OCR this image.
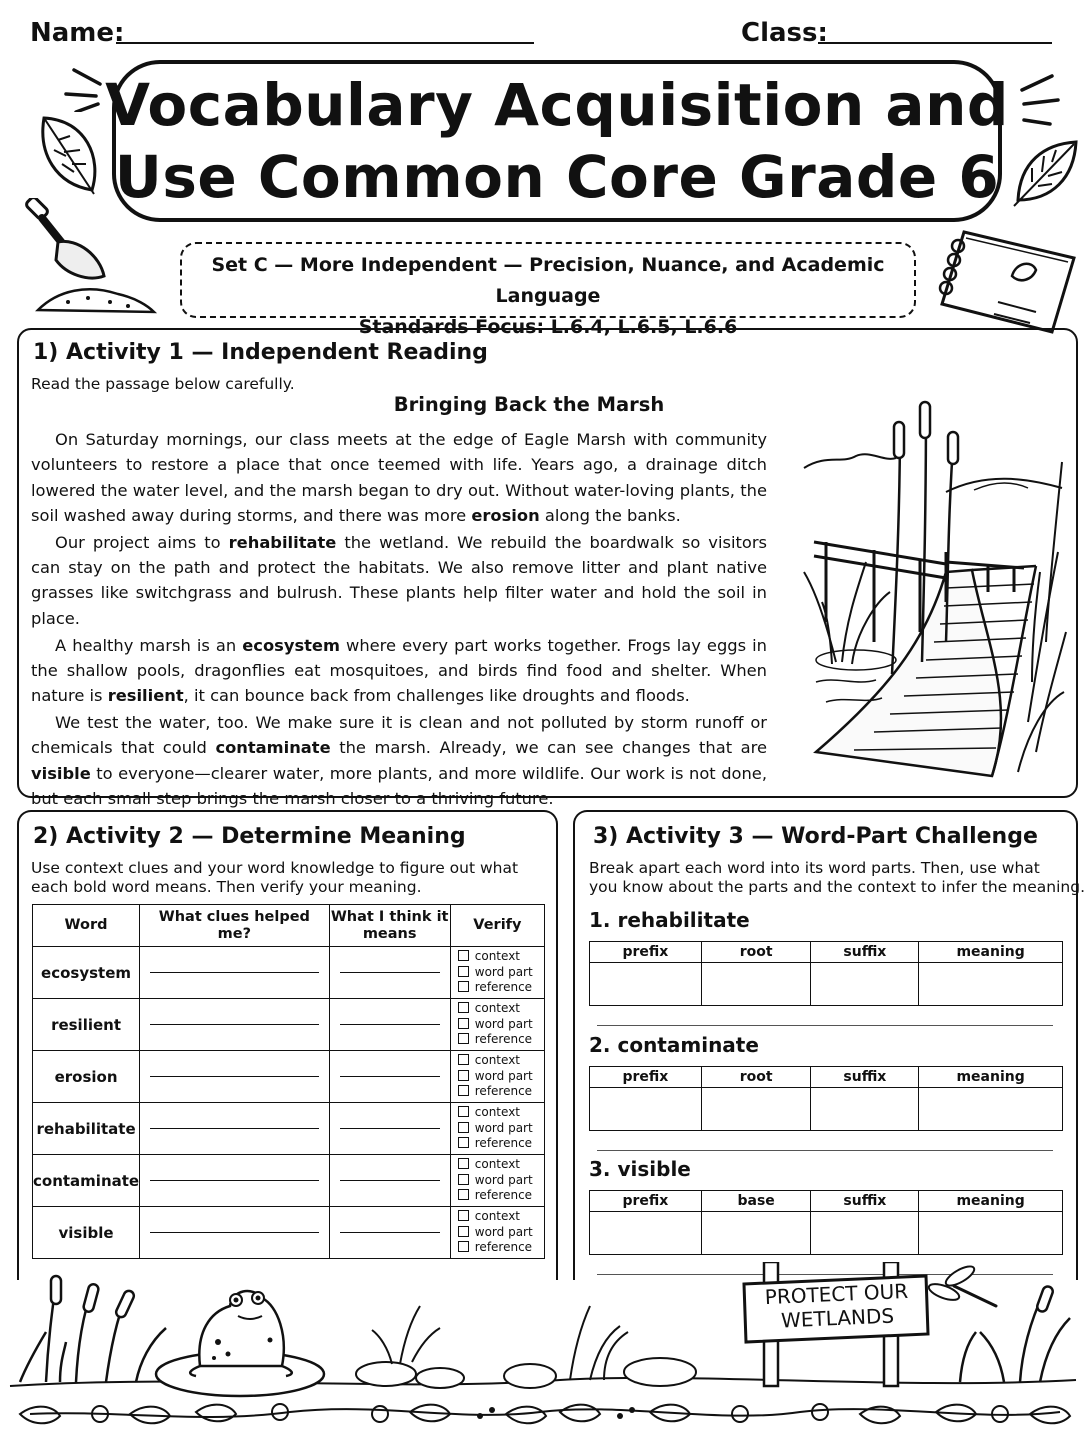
Name:	Class:
Vocabulary Acquisition and
Use Common Core Grade 6
Set C — More Independent — Precision, Nuance, and Academic Language
Standards Focus: L.6.4, L.6.5, L.6.6
1) Activity 1 — Independent Reading
Read the passage below carefully.
Bringing Back the Marsh

On Saturday mornings, our class meets at the edge of Eagle Marsh with community volunteers to restore a place that once teemed with life. Years ago, a drainage ditch lowered the water level, and the marsh began to dry out. Without water-loving plants, the soil washed away during storms, and there was more erosion along the banks.

Our project aims to rehabilitate the wetland. We rebuild the boardwalk so visitors can stay on the path and protect the habitats. We also remove litter and plant native grasses like switchgrass and bulrush. These plants help filter water and hold the soil in place.

A healthy marsh is an ecosystem where every part works together. Frogs lay eggs in the shallow pools, dragonflies eat mosquitoes, and birds find food and shelter. When nature is resilient, it can bounce back from challenges like droughts and floods.

We test the water, too. We make sure it is clean and not polluted by storm runoff or chemicals that could contaminate the marsh. Already, we can see changes that are visible to everyone—clearer water, more plants, and more wildlife. Our work is not done, but each small step brings the marsh closer to a thriving future.

2) Activity 2 — Determine Meaning
Use context clues and your word knowledge to figure out what
each bold word means. Then verify your meaning.
Word	What clues helped me?	What I think it means	Verify
ecosystem			context
word part
reference

resilient			context
word part
reference

erosion			context
word part
reference

rehabilitate			context
word part
reference

contaminate			context
word part
reference

visible			context
word part
reference
3) Activity 3 — Word-Part Challenge
Break apart each word into its word parts. Then, use what
you know about the parts and the context to infer the meaning.
1. rehabilitate
prefix	root	suffix	meaning

2. contaminate
prefix	root	suffix	meaning

3. visible
prefix	base	suffix	meaning

PROTECT OUR
WETLANDS
